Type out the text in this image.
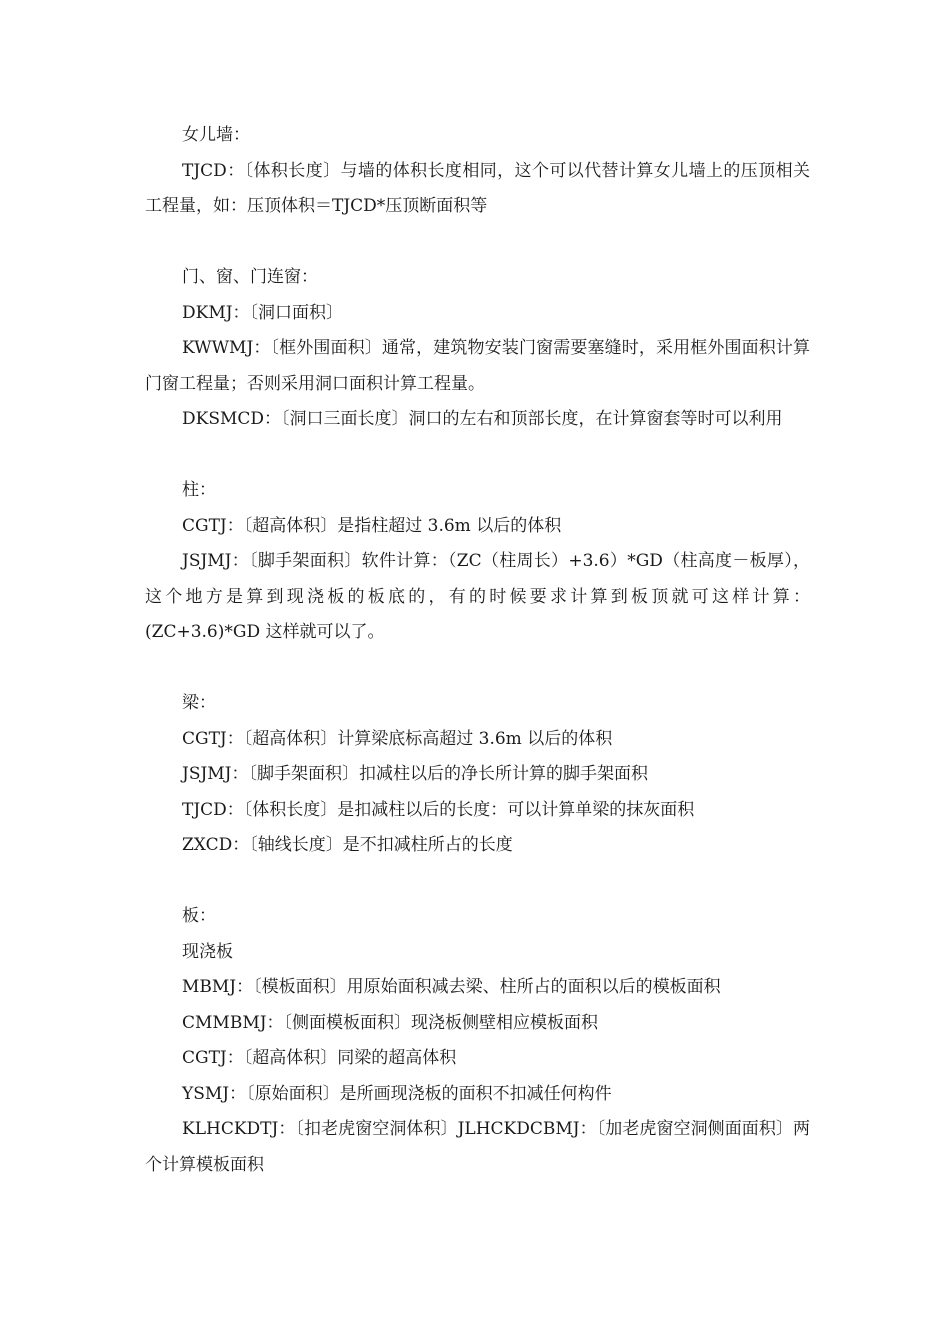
女儿墙：

TJCD：〔体积长度〕与墙的体积长度相同，这个可以代替计算女儿墙上的压顶相关工程量，如：压顶体积＝TJCD*压顶断面积等

门、窗、门连窗：

DKMJ：〔洞口面积〕

KWWMJ：〔框外围面积〕通常，建筑物安装门窗需要塞缝时，采用框外围面积计算门窗工程量；否则采用洞口面积计算工程量。

DKSMCD：〔洞口三面长度〕洞口的左右和顶部长度，在计算窗套等时可以利用

柱：

CGTJ：〔超高体积〕是指柱超过 3.6m 以后的体积

JSJMJ：〔脚手架面积〕软件计算：（ZC（柱周长）+3.6）*GD（柱高度－板厚），这个地方是算到现浇板的板底的，有的时候要求计算到板顶就可这样计算：(ZC+3.6)*GD 这样就可以了。

梁：

CGTJ：〔超高体积〕计算梁底标高超过 3.6m 以后的体积

JSJMJ：〔脚手架面积〕扣减柱以后的净长所计算的脚手架面积

TJCD：〔体积长度〕是扣减柱以后的长度：可以计算单梁的抹灰面积

ZXCD：〔轴线长度〕是不扣减柱所占的长度

板：

现浇板

MBMJ：〔模板面积〕用原始面积减去梁、柱所占的面积以后的模板面积

CMMBMJ：〔侧面模板面积〕现浇板侧壁相应模板面积

CGTJ：〔超高体积〕同梁的超高体积

YSMJ：〔原始面积〕是所画现浇板的面积不扣减任何构件

KLHCKDTJ：〔扣老虎窗空洞体积〕JLHCKDCBMJ：〔加老虎窗空洞侧面面积〕两个计算模板面积
